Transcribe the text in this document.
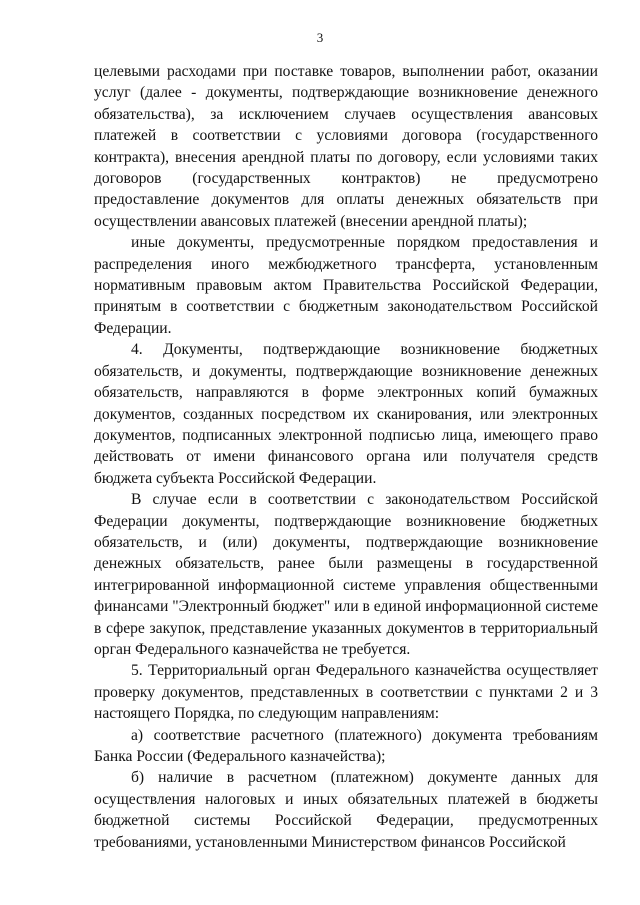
3

целевыми расходами при поставке товаров, выполнении работ, оказании услуг (далее - документы, подтверждающие возникновение денежного обязательства), за исключением случаев осуществления авансовых платежей в соответствии с условиями договора (государственного контракта), внесения арендной платы по договору, если условиями таких договоров (государственных контрактов) не предусмотрено предоставление документов для оплаты денежных обязательств при осуществлении авансовых платежей (внесении арендной платы);

иные документы, предусмотренные порядком предоставления и распределения иного межбюджетного трансферта, установленным нормативным правовым актом Правительства Российской Федерации, принятым в соответствии с бюджетным законодательством Российской Федерации.

4. Документы, подтверждающие возникновение бюджетных обязательств, и документы, подтверждающие возникновение денежных обязательств, направляются в форме электронных копий бумажных документов, созданных посредством их сканирования, или электронных документов, подписанных электронной подписью лица, имеющего право действовать от имени финансового органа или получателя средств бюджета субъекта Российской Федерации.

В случае если в соответствии с законодательством Российской Федерации документы, подтверждающие возникновение бюджетных обязательств, и (или) документы, подтверждающие возникновение денежных обязательств, ранее были размещены в государственной интегрированной информационной системе управления общественными финансами "Электронный бюджет" или в единой информационной системе в сфере закупок, представление указанных документов в территориальный орган Федерального казначейства не требуется.

5. Территориальный орган Федерального казначейства осуществляет проверку документов, представленных в соответствии с пунктами 2 и 3 настоящего Порядка, по следующим направлениям:

а) соответствие расчетного (платежного) документа требованиям Банка России (Федерального казначейства);

б) наличие в расчетном (платежном) документе данных для осуществления налоговых и иных обязательных платежей в бюджеты бюджетной системы Российской Федерации, предусмотренных требованиями, установленными Министерством финансов Российской
